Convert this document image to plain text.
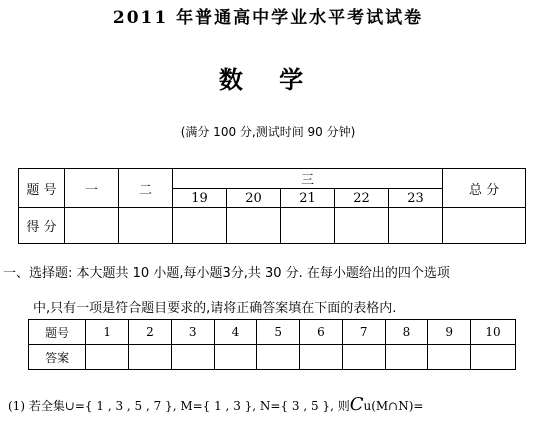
2011 年普通高中学业水平考试试卷
数 学
(满分 100 分,测试时间 90 分钟)
题 号	一	二	三					总 分
			19	20	21	22	23	
得 分								
一、选择题: 本大题共 10 小题,每小题3分,共 30 分. 在每小题给出的四个选项
中,只有一项是符合题目要求的,请将正确答案填在下面的表格内.
题号	1	2	3	4	5	6	7	8	9	10
答案										
(1) 若全集∪={ 1 , 3 , 5 , 7 }, M={ 1 , 3 }, N={ 3 , 5 }, 则Cu(M∩N)=
